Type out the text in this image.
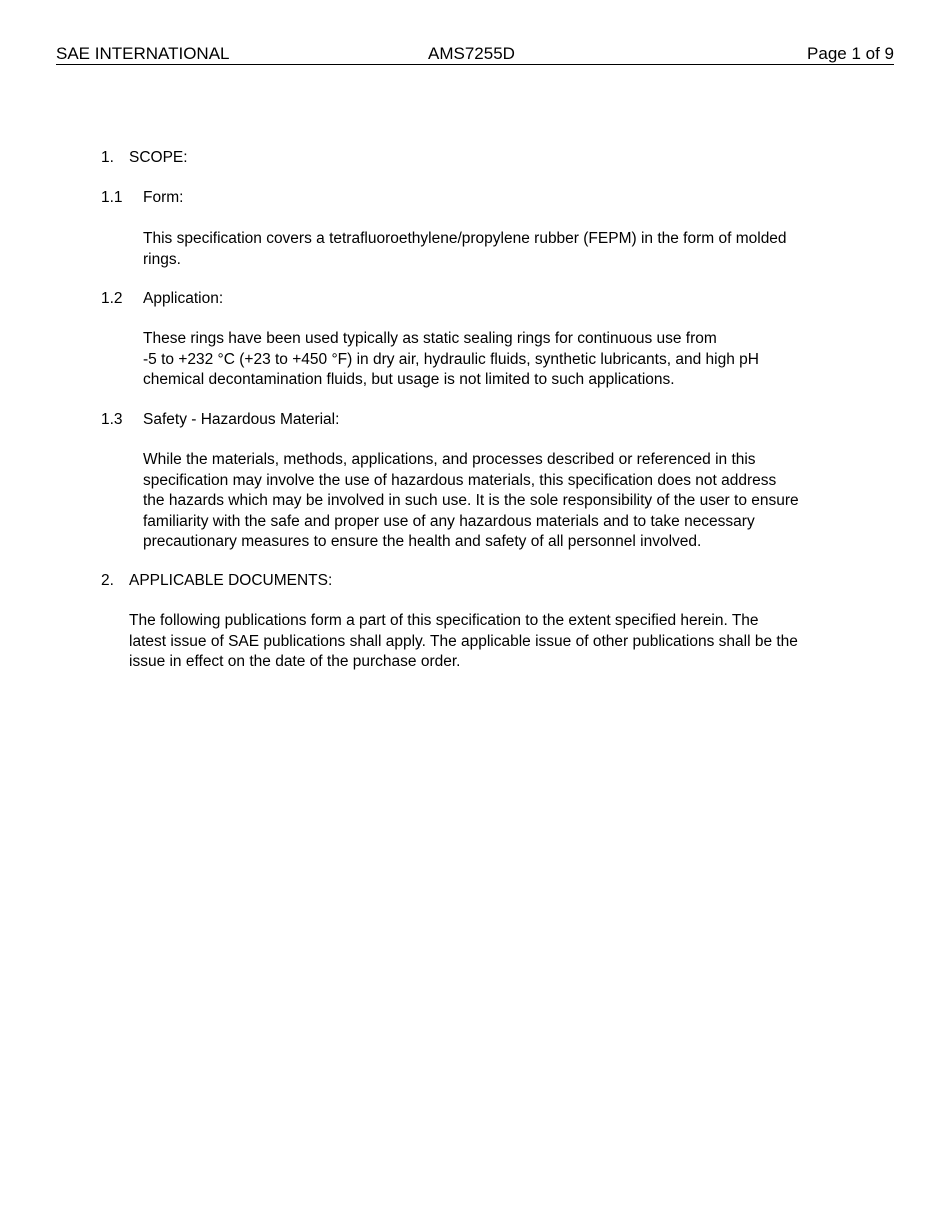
SAE INTERNATIONAL	AMS7255D	Page 1 of 9
1. SCOPE:
1.1 Form:
This specification covers a tetrafluoroethylene/propylene rubber (FEPM) in the form of molded
rings.
1.2 Application:
These rings have been used typically as static sealing rings for continuous use from
-5 to +232 °C (+23 to +450 °F) in dry air, hydraulic fluids, synthetic lubricants, and high pH
chemical decontamination fluids, but usage is not limited to such applications.
1.3 Safety - Hazardous Material:
While the materials, methods, applications, and processes described or referenced in this
specification may involve the use of hazardous materials, this specification does not address
the hazards which may be involved in such use. It is the sole responsibility of the user to ensure
familiarity with the safe and proper use of any hazardous materials and to take necessary
precautionary measures to ensure the health and safety of all personnel involved.
2. APPLICABLE DOCUMENTS:
The following publications form a part of this specification to the extent specified herein. The
latest issue of SAE publications shall apply. The applicable issue of other publications shall be the
issue in effect on the date of the purchase order.
